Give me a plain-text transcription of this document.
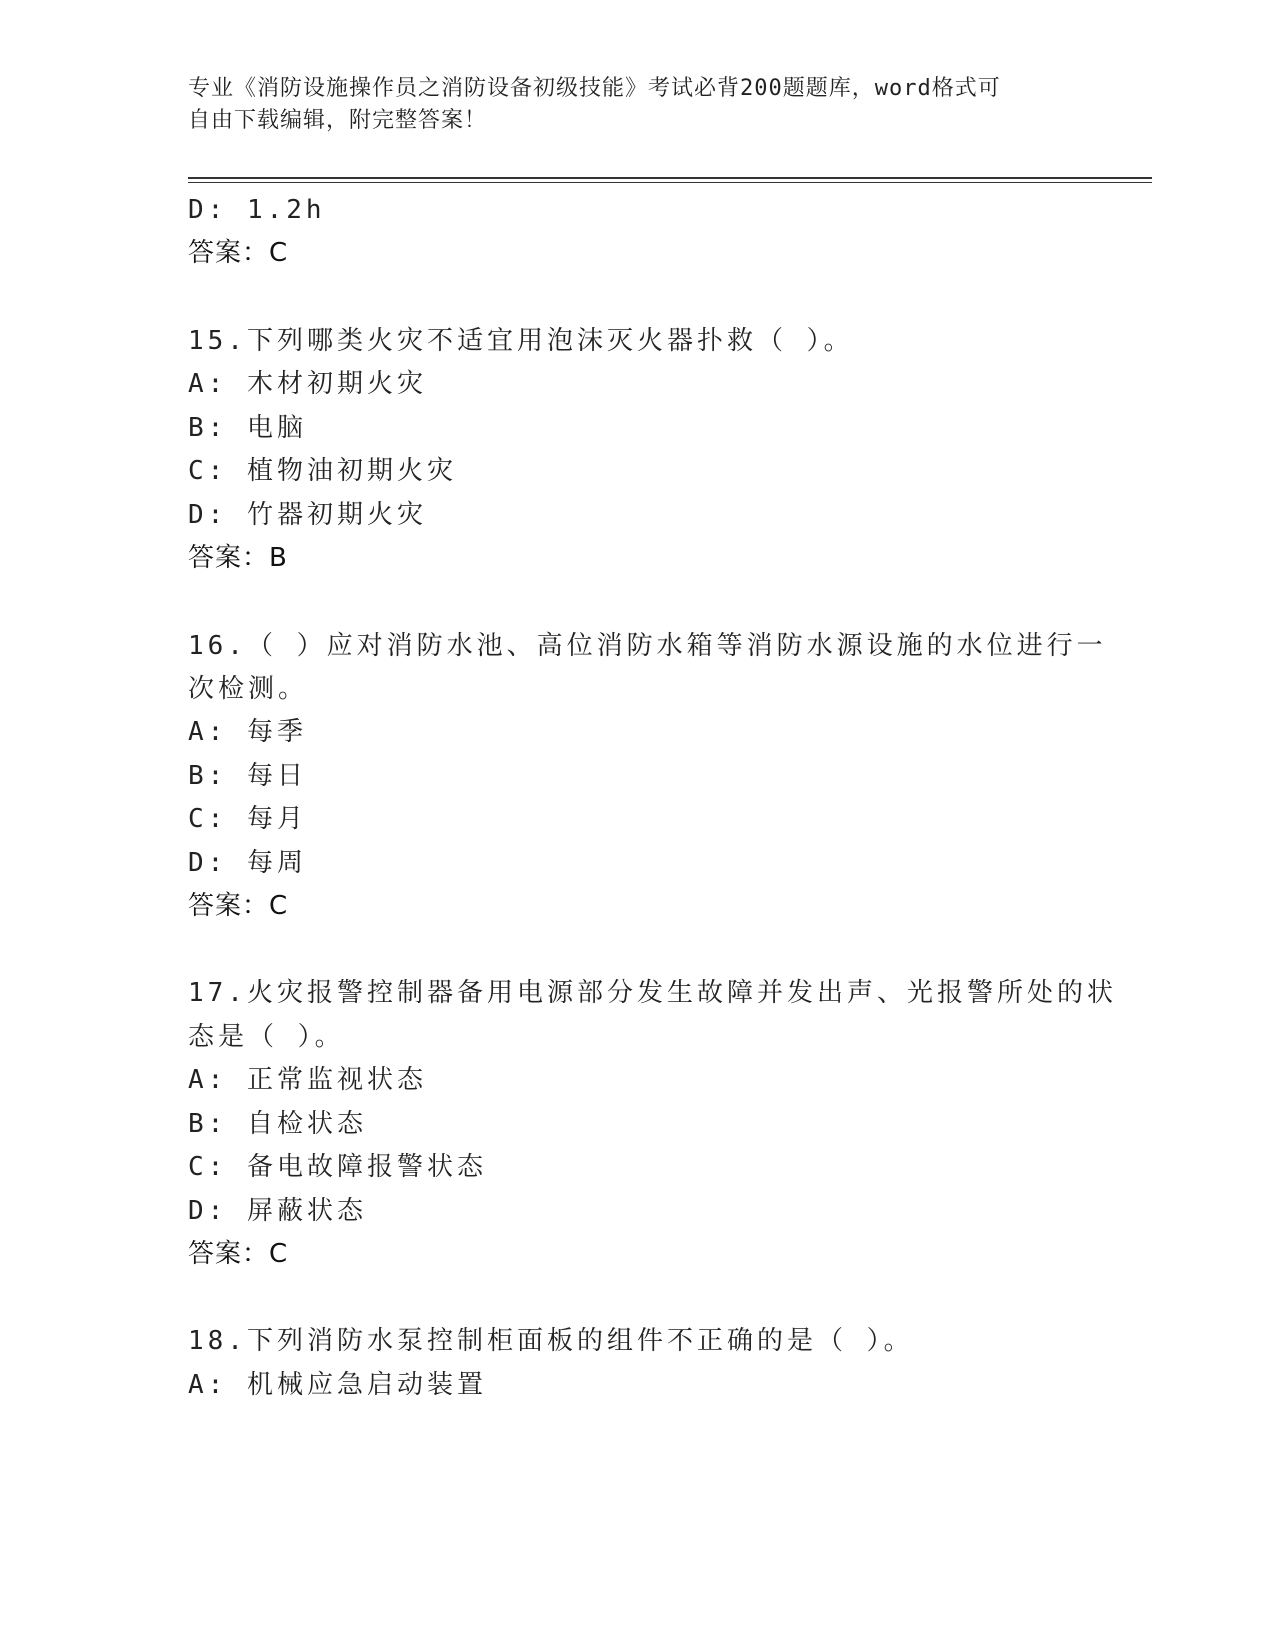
专业《消防设施操作员之消防设备初级技能》考试必背200题题库，word格式可
自由下载编辑，附完整答案！
D: 1.2h
答案：C
15.下列哪类火灾不适宜用泡沫灭火器扑救（ ）。
A: 木材初期火灾
B: 电脑
C: 植物油初期火灾
D: 竹器初期火灾
答案：B
16.（ ）应对消防水池、高位消防水箱等消防水源设施的水位进行一
次检测。
A: 每季
B: 每日
C: 每月
D: 每周
答案：C
17.火灾报警控制器备用电源部分发生故障并发出声、光报警所处的状
态是（ ）。
A: 正常监视状态
B: 自检状态
C: 备电故障报警状态
D: 屏蔽状态
答案：C
18.下列消防水泵控制柜面板的组件不正确的是（ ）。
A: 机械应急启动装置
